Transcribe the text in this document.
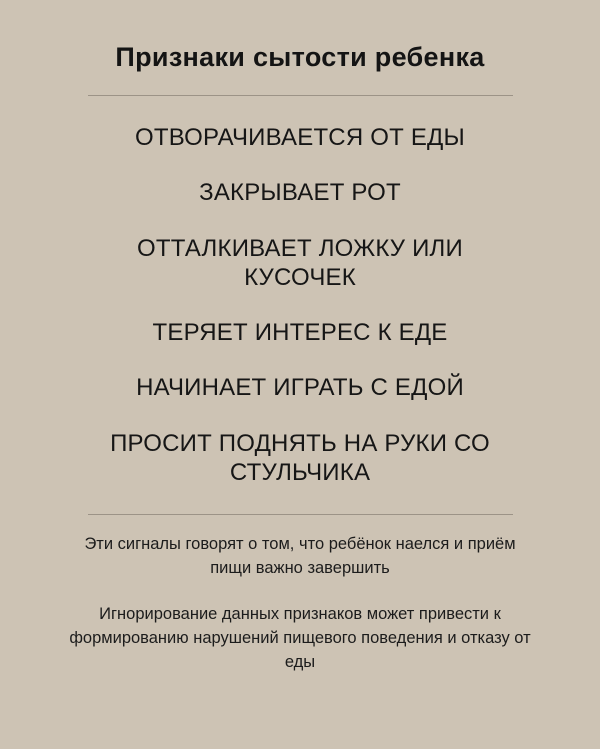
Признаки сытости ребенка
ОТВОРАЧИВАЕТСЯ ОТ ЕДЫ
ЗАКРЫВАЕТ РОТ
ОТТАЛКИВАЕТ ЛОЖКУ ИЛИ КУСОЧЕК
ТЕРЯЕТ ИНТЕРЕС К ЕДЕ
НАЧИНАЕТ ИГРАТЬ С ЕДОЙ
ПРОСИТ ПОДНЯТЬ НА РУКИ СО СТУЛЬЧИКА

Эти сигналы говорят о том, что ребёнок наелся и приём пищи важно завершить

Игнорирование данных признаков может привести к формированию нарушений пищевого поведения и отказу от еды
